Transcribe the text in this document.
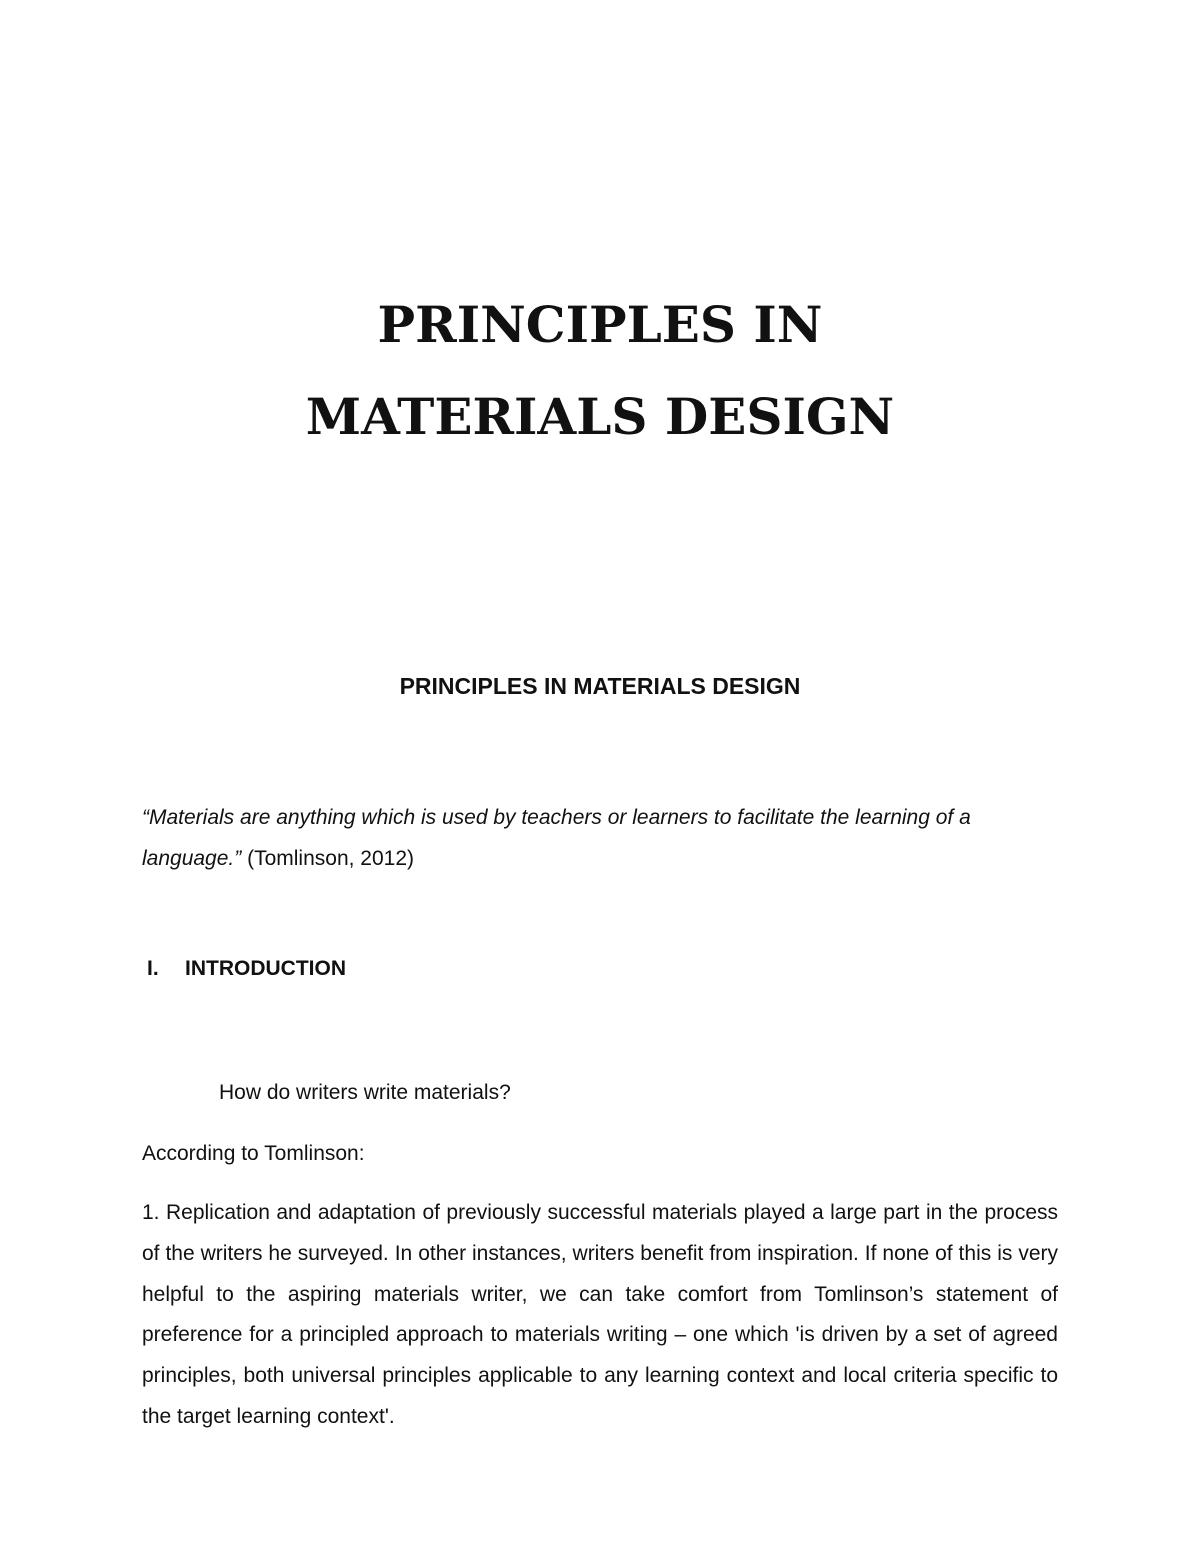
PRINCIPLES IN
MATERIALS DESIGN
PRINCIPLES IN MATERIALS DESIGN

“Materials are anything which is used by teachers or learners to facilitate the learning of a language.” (Tomlinson, 2012)

I. INTRODUCTION

How do writers write materials?

According to Tomlinson:

1. Replication and adaptation of previously successful materials played a large part in the process of the writers he surveyed. In other instances, writers benefit from inspiration. If none of this is very helpful to the aspiring materials writer, we can take comfort from Tomlinson’s statement of preference for a principled approach to materials writing – one which 'is driven by a set of agreed principles, both universal principles applicable to any learning context and local criteria specific to the target learning context'.
